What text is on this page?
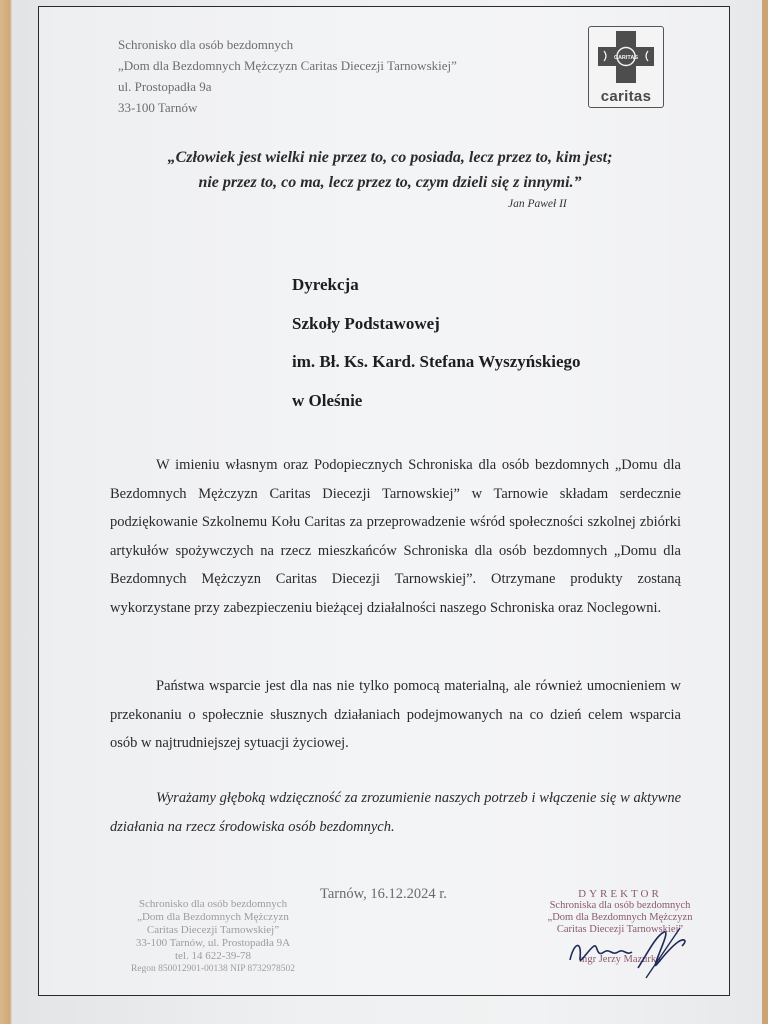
Schronisko dla osób bezdomnych
„Dom dla Bezdomnych Mężczyzn Caritas Diecezji Tarnowskiej”
ul. Prostopadła 9a
33-100 Tarnów
CARITAS
caritas
„Człowiek jest wielki nie przez to, co posiada, lecz przez to, kim jest;
nie przez to, co ma, lecz przez to, czym dzieli się z innymi.”
Jan Paweł II
Dyrekcja
Szkoły Podstawowej
im. Bł. Ks. Kard. Stefana Wyszyńskiego
w Oleśnie

W imieniu własnym oraz Podopiecznych Schroniska dla osób bezdomnych „Domu dla Bezdomnych Mężczyzn Caritas Diecezji Tarnowskiej” w Tarnowie składam serdecznie podziękowanie Szkolnemu Kołu Caritas za przeprowadzenie wśród społeczności szkolnej zbiórki artykułów spożywczych na rzecz mieszkańców Schroniska dla osób bezdomnych „Domu dla Bezdomnych Mężczyzn Caritas Diecezji Tarnowskiej”. Otrzymane produkty zostaną wykorzystane przy zabezpieczeniu bieżącej działalności naszego Schroniska oraz Noclegowni.

Państwa wsparcie jest dla nas nie tylko pomocą materialną, ale również umocnieniem w przekonaniu o społecznie słusznych działaniach podejmowanych na co dzień celem wsparcia osób w najtrudniejszej sytuacji życiowej.

Wyrażamy głęboką wdzięczność za zrozumienie naszych potrzeb i włączenie się w aktywne działania na rzecz środowiska osób bezdomnych.

Schronisko dla osób bezdomnych
„Dom dla Bezdomnych Mężczyzn
Caritas Diecezji Tarnowskiej”
33-100 Tarnów, ul. Prostopadła 9A
tel. 14 622-39-78
Regon 850012901-00138 NIP 8732978502
Tarnów, 16.12.2024 r.	DYREKTOR
Schroniska dla osób bezdomnych
„Dom dla Bezdomnych Mężczyzn
Caritas Diecezji Tarnowskiej”
mgr Jerzy Mazurka
